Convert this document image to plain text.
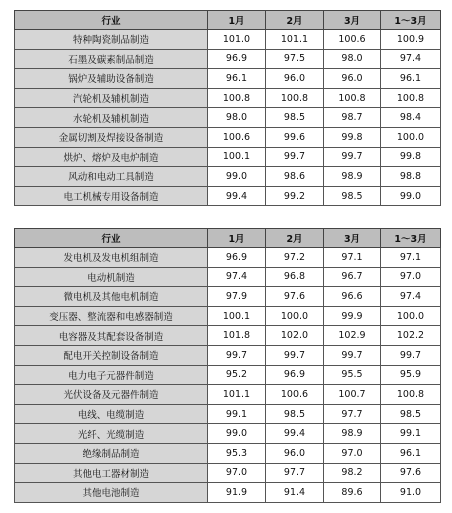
行业	1月	2月	3月	1～3月
特种陶瓷制品制造	101.0	101.1	100.6	100.9
石墨及碳素制品制造	96.9	97.5	98.0	97.4
锅炉及辅助设备制造	96.1	96.0	96.0	96.1
汽轮机及辅机制造	100.8	100.8	100.8	100.8
水轮机及辅机制造	98.0	98.5	98.7	98.4
金属切割及焊接设备制造	100.6	99.6	99.8	100.0
烘炉、熔炉及电炉制造	100.1	99.7	99.7	99.8
风动和电动工具制造	99.0	98.6	98.9	98.8
电工机械专用设备制造	99.4	99.2	98.5	99.0
行业	1月	2月	3月	1～3月
发电机及发电机组制造	96.9	97.2	97.1	97.1
电动机制造	97.4	96.8	96.7	97.0
微电机及其他电机制造	97.9	97.6	96.6	97.4
变压器、整流器和电感器制造	100.1	100.0	99.9	100.0
电容器及其配套设备制造	101.8	102.0	102.9	102.2
配电开关控制设备制造	99.7	99.7	99.7	99.7
电力电子元器件制造	95.2	96.9	95.5	95.9
光伏设备及元器件制造	101.1	100.6	100.7	100.8
电线、电缆制造	99.1	98.5	97.7	98.5
光纤、光缆制造	99.0	99.4	98.9	99.1
绝缘制品制造	95.3	96.0	97.0	96.1
其他电工器材制造	97.0	97.7	98.2	97.6
其他电池制造	91.9	91.4	89.6	91.0
